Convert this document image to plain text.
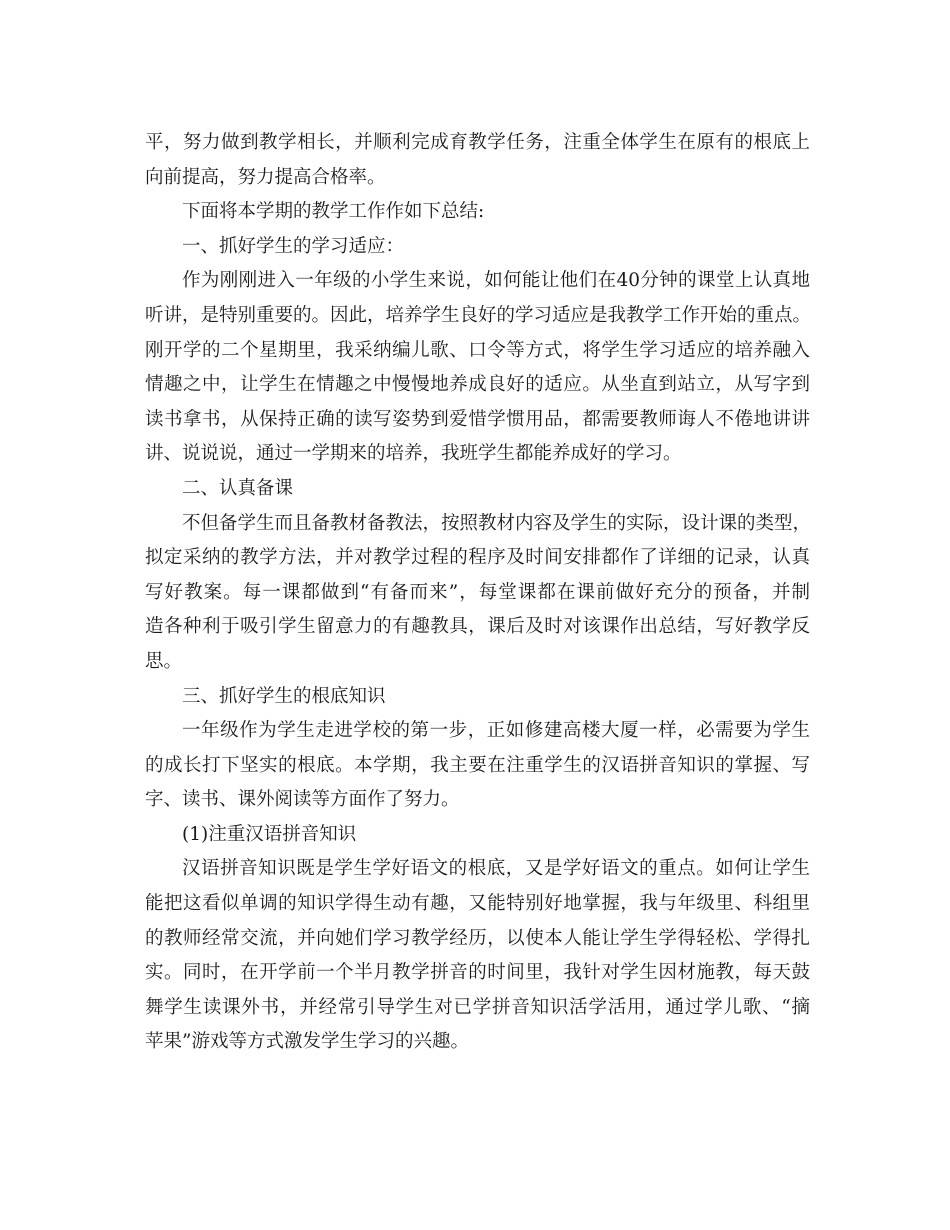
平，努力做到教学相长，并顺利完成育教学任务，注重全体学生在原有的根底上
向前提高，努力提高合格率。
下面将本学期的教学工作作如下总结:
一、抓好学生的学习适应：
作为刚刚进入一年级的小学生来说，如何能让他们在40分钟的课堂上认真地
听讲，是特别重要的。因此，培养学生良好的学习适应是我教学工作开始的重点。
刚开学的二个星期里，我采纳编儿歌、口令等方式，将学生学习适应的培养融入
情趣之中，让学生在情趣之中慢慢地养成良好的适应。从坐直到站立，从写字到
读书拿书，从保持正确的读写姿势到爱惜学惯用品，都需要教师诲人不倦地讲讲
讲、说说说，通过一学期来的培养，我班学生都能养成好的学习。
二、认真备课
不但备学生而且备教材备教法，按照教材内容及学生的实际，设计课的类型，
拟定采纳的教学方法，并对教学过程的程序及时间安排都作了详细的记录，认真
写好教案。每一课都做到“有备而来”，每堂课都在课前做好充分的预备，并制
造各种利于吸引学生留意力的有趣教具，课后及时对该课作出总结，写好教学反
思。
三、抓好学生的根底知识
一年级作为学生走进学校的第一步，正如修建高楼大厦一样，必需要为学生
的成长打下坚实的根底。本学期，我主要在注重学生的汉语拼音知识的掌握、写
字、读书、课外阅读等方面作了努力。
(1)注重汉语拼音知识
汉语拼音知识既是学生学好语文的根底，又是学好语文的重点。如何让学生
能把这看似单调的知识学得生动有趣，又能特别好地掌握，我与年级里、科组里
的教师经常交流，并向她们学习教学经历，以使本人能让学生学得轻松、学得扎
实。同时，在开学前一个半月教学拼音的时间里，我针对学生因材施教，每天鼓
舞学生读课外书，并经常引导学生对已学拼音知识活学活用，通过学儿歌、“摘
苹果”游戏等方式激发学生学习的兴趣。
